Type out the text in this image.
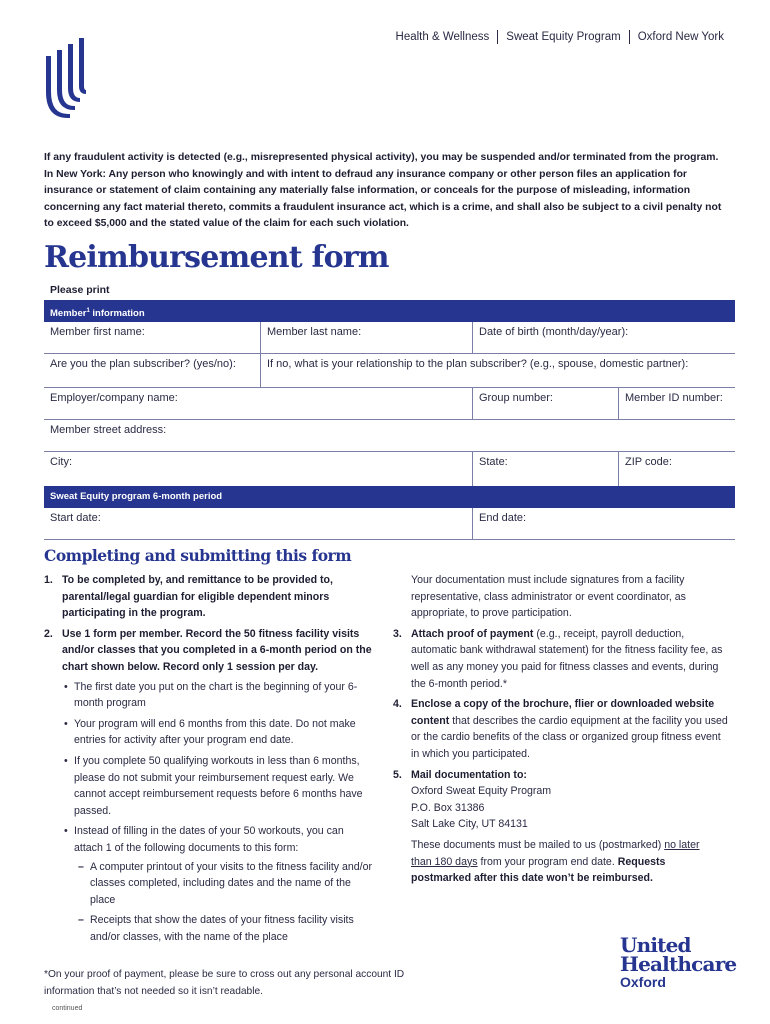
Health & Wellness Sweat Equity Program Oxford New York
If any fraudulent activity is detected (e.g., misrepresented physical activity), you may be suspended and/or terminated from the program. In New York: Any person who knowingly and with intent to defraud any insurance company or other person files an application for insurance or statement of claim containing any materially false information, or conceals for the purpose of misleading, information concerning any fact material thereto, commits a fraudulent insurance act, which is a crime, and shall also be subject to a civil penalty not to exceed $5,000 and the stated value of the claim for each such violation.
Reimbursement form
Please print
Member$^1$ information
Member first name:	Member last name:	Date of birth (month/day/year):
Are you the plan subscriber? (yes/no):	If no, what is your relationship to the plan subscriber? (e.g., spouse, domestic partner):
Employer/company name:	Group number:	Member ID number:
Member street address:
City:	State:	ZIP code:
Sweat Equity program 6-month period
Start date:	End date:
Completing and submitting this form
1. To be completed by, and remittance to be provided to, parental/legal guardian for eligible dependent minors participating in the program.
2. Use 1 form per member. Record the 50 fitness facility visits and/or classes that you completed in a 6-month period on the chart shown below. Record only 1 session per day.
• The first date you put on the chart is the beginning of your 6-month program
• Your program will end 6 months from this date. Do not make entries for activity after your program end date.
• If you complete 50 qualifying workouts in less than 6 months, please do not submit your reimbursement request early. We cannot accept reimbursement requests before 6 months have passed.
• Instead of filling in the dates of your 50 workouts, you can attach 1 of the following documents to this form:
– A computer printout of your visits to the fitness facility and/or classes completed, including dates and the name of the place
– Receipts that show the dates of your fitness facility visits and/or classes, with the name of the place
Your documentation must include signatures from a facility representative, class administrator or event coordinator, as appropriate, to prove participation.
3. Attach proof of payment (e.g., receipt, payroll deduction, automatic bank withdrawal statement) for the fitness facility fee, as well as any money you paid for fitness classes and events, during the 6-month period.*
4. Enclose a copy of the brochure, flier or downloaded website content that describes the cardio equipment at the facility you used or the cardio benefits of the class or organized group fitness event in which you participated.
5. Mail documentation to:
Oxford Sweat Equity Program
P.O. Box 31386
Salt Lake City, UT 84131
These documents must be mailed to us (postmarked) no later than 180 days from your program end date. Requests postmarked after this date won’t be reimbursed.
*On your proof of payment, please be sure to cross out any personal account ID information that’s not needed so it isn’t readable.
continued
United
Healthcare
Oxford
